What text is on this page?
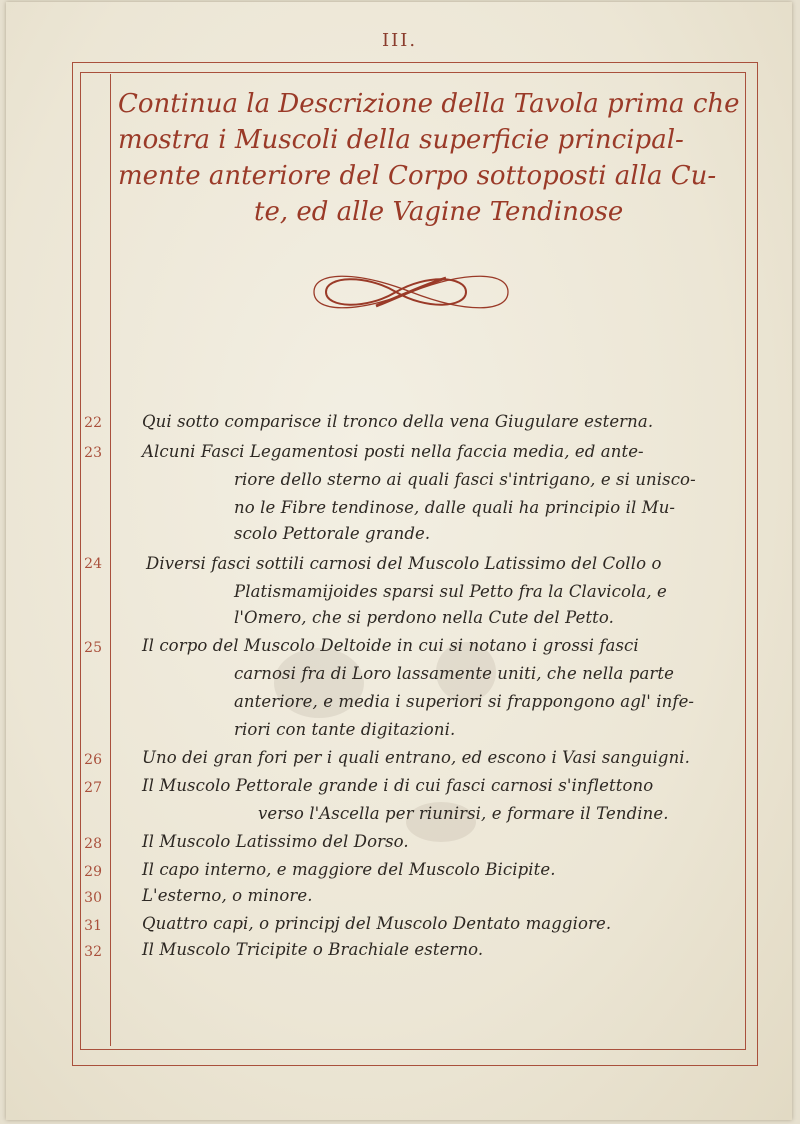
III.
Continua la Descrizione della Tavola prima che
mostra i Muscoli della superficie principal-
mente anteriore del Corpo sottoposti alla Cu-
te, ed alle Vagine Tendinose
22 Qui sotto comparisce il tronco della vena Giugulare esterna.
23 Alcuni Fasci Legamentosi posti nella faccia media, ed ante-
riore dello sterno ai quali fasci s'intrigano, e si unisco-
no le Fibre tendinose, dalle quali ha principio il Mu-
scolo Pettorale grande.
24	Diversi fasci sottili carnosi del Muscolo Latissimo del Collo o
Platismamijoides sparsi sul Petto fra la Clavicola, e
l'Omero, che si perdono nella Cute del Petto.
25 Il corpo del Muscolo Deltoide in cui si notano i grossi fasci
carnosi fra di Loro lassamente uniti, che nella parte
anteriore, e media i superiori si frappongono agl' infe-
riori con tante digitazioni.
26 Uno dei gran fori per i quali entrano, ed escono i Vasi sanguigni.
27 Il Muscolo Pettorale grande i di cui fasci carnosi s'inflettono
verso l'Ascella per riunirsi, e formare il Tendine.
28 Il Muscolo Latissimo del Dorso.
29 Il capo interno, e maggiore del Muscolo Bicipite.
30 L'esterno, o minore.
31 Quattro capi, o principj del Muscolo Dentato maggiore.
32 Il Muscolo Tricipite o Brachiale esterno.
